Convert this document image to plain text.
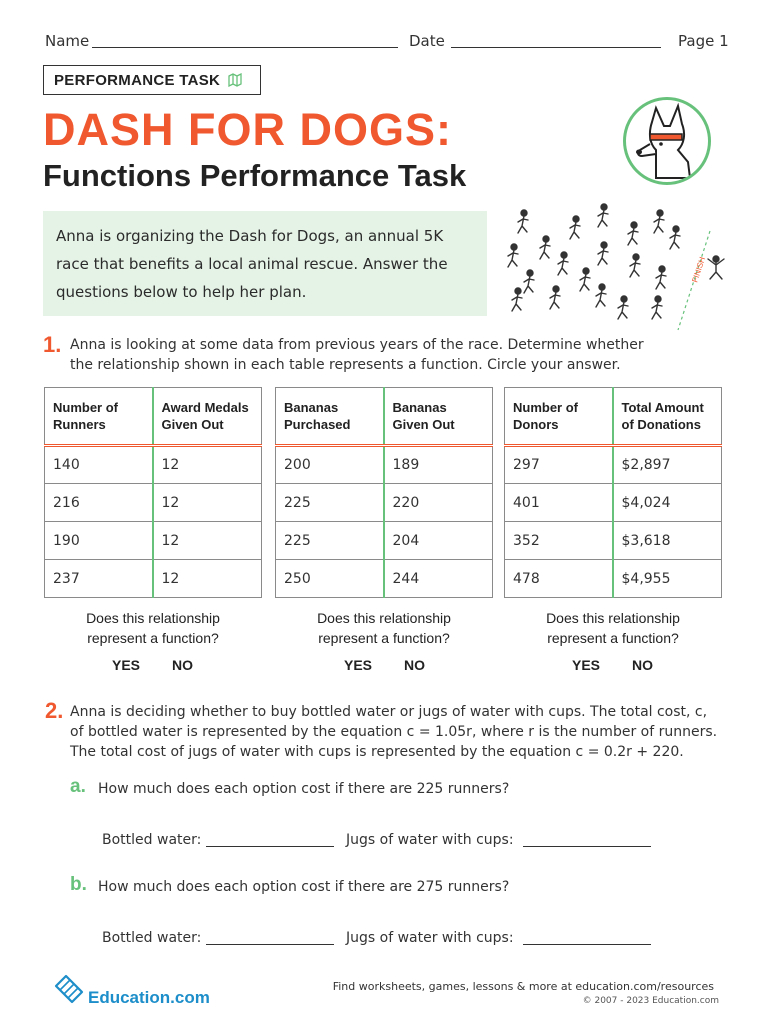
Name	Date	Page 1
PERFORMANCE TASK
DASH FOR DOGS:
Functions Performance Task
Anna is organizing the Dash for Dogs, an annual 5K race that benefits a local animal rescue. Answer the questions below to help her plan.
FINISH
1. Anna is looking at some data from previous years of the race. Determine whether the relationship shown in each table represents a function. Circle your answer.
Number of Runners	Award Medals Given Out
140	12
216	12
190	12
237	12
Bananas Purchased	Bananas Given Out
200	189
225	220
225	204
250	244
Number of Donors	Total Amount of Donations
297	$2,897
401	$4,024
352	$3,618
478	$4,955
Does this relationship
represent a function?
YES NO
Does this relationship
represent a function?
YES NO
Does this relationship
represent a function?
YES NO
2. Anna is deciding whether to buy bottled water or jugs of water with cups. The total cost, c,
of bottled water is represented by the equation c = 1.05r, where r is the number of runners.
The total cost of jugs of water with cups is represented by the equation c = 0.2r + 220.
a. How much does each option cost if there are 225 runners?
Bottled water:	Jugs of water with cups:
b. How much does each option cost if there are 275 runners?
Bottled water:	Jugs of water with cups:
Education.com
Find worksheets, games, lessons & more at education.com/resources
© 2007 - 2023 Education.com
